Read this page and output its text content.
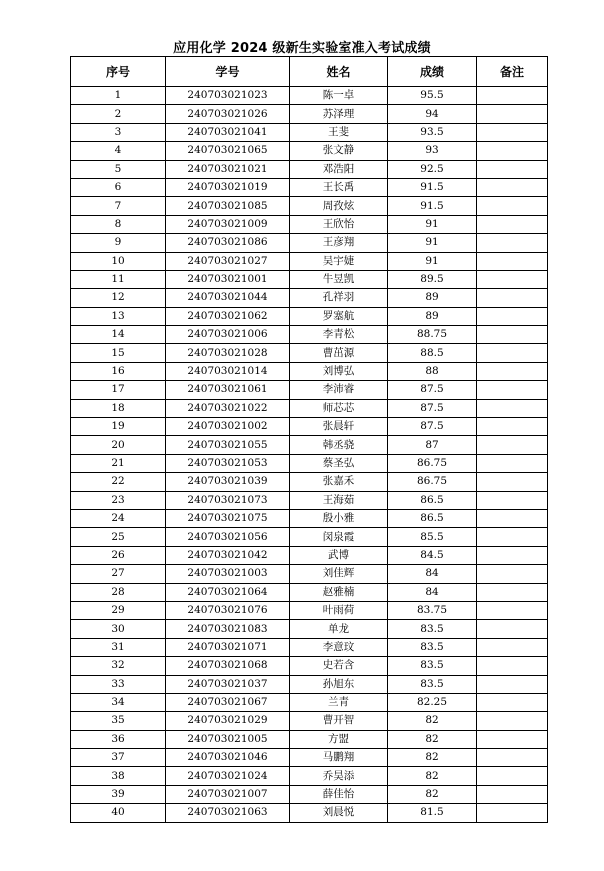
应用化学 2024 级新生实验室准入考试成绩
序号	学号	姓名	成绩	备注
1	240703021023	陈一卓	95.5	
2	240703021026	苏泽理	94	
3	240703021041	王斐	93.5	
4	240703021065	张文静	93	
5	240703021021	邓浩阳	92.5	
6	240703021019	王长禹	91.5	
7	240703021085	周孜炫	91.5	
8	240703021009	王欣怡	91	
9	240703021086	王彦翔	91	
10	240703021027	吴宇婕	91	
11	240703021001	牛昱凯	89.5	
12	240703021044	孔祥羽	89	
13	240703021062	罗塞航	89	
14	240703021006	李青松	88.75	
15	240703021028	曹茁源	88.5	
16	240703021014	刘博弘	88	
17	240703021061	李沛睿	87.5	
18	240703021022	师芯芯	87.5	
19	240703021002	张晨轩	87.5	
20	240703021055	韩丞骁	87	
21	240703021053	蔡圣弘	86.75	
22	240703021039	张嘉禾	86.75	
23	240703021073	王海茹	86.5	
24	240703021075	殷小雅	86.5	
25	240703021056	闵泉霞	85.5	
26	240703021042	武博	84.5	
27	240703021003	刘佳辉	84	
28	240703021064	赵雅楠	84	
29	240703021076	叶雨荷	83.75	
30	240703021083	单龙	83.5	
31	240703021071	李意玟	83.5	
32	240703021068	史若含	83.5	
33	240703021037	孙旭东	83.5	
34	240703021067	兰青	82.25	
35	240703021029	曹开智	82	
36	240703021005	方盟	82	
37	240703021046	马鹏翔	82	
38	240703021024	乔昊添	82	
39	240703021007	薛佳怡	82	
40	240703021063	刘晨悦	81.5	
